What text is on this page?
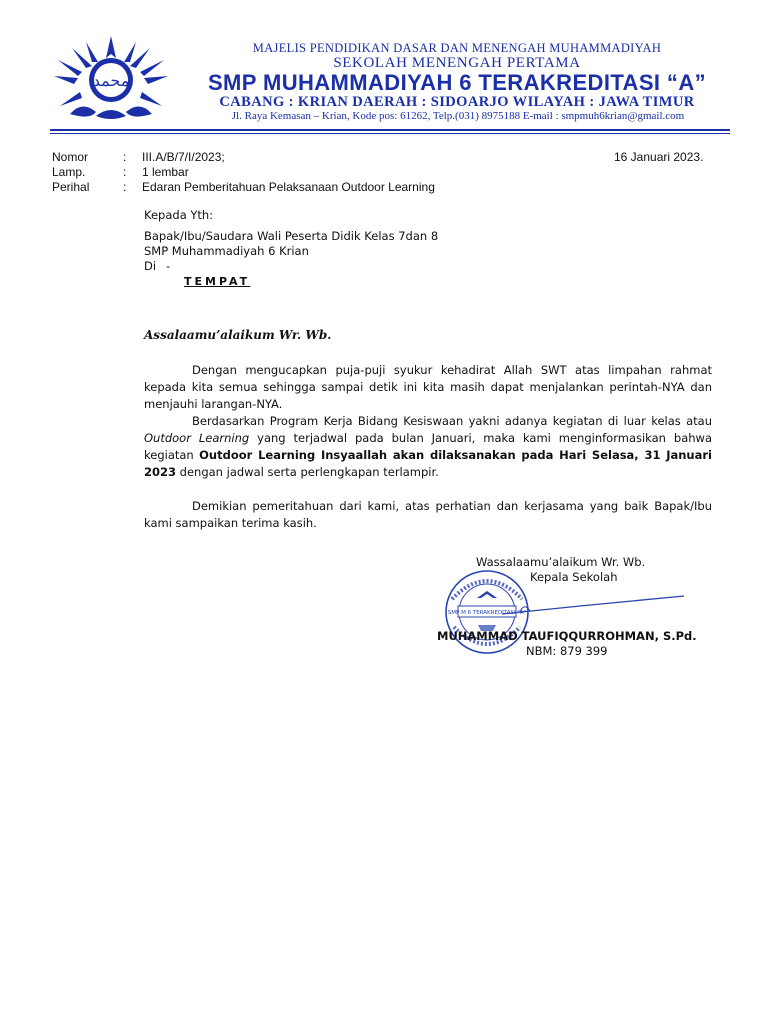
محمد
MAJELIS PENDIDIKAN DASAR DAN MENENGAH MUHAMMADIYAH
SEKOLAH MENENGAH PERTAMA
SMP MUHAMMADIYAH 6 TERAKREDITASI “A”
CABANG : KRIAN DAERAH : SIDOARJO WILAYAH : JAWA TIMUR
Jl. Raya Kemasan – Krian, Kode pos: 61262, Telp.(031) 8975188 E-mail : smpmuh6krian@gmail.com
Nomor	: III.A/B/7/I/2023;	16 Januari 2023.
Lamp.	: 1 lembar
Perihal	: Edaran Pemberitahuan Pelaksanaan Outdoor Learning
Kepada Yth:
Bapak/Ibu/Saudara Wali Peserta Didik Kelas 7dan 8
SMP Muhammadiyah 6 Krian
Di -
TEMPAT
Assalaamu’alaikum Wr. Wb.
Dengan mengucapkan puja-puji syukur kehadirat Allah SWT atas limpahan rahmat kepada kita semua sehingga sampai detik ini kita masih dapat menjalankan perintah-NYA dan menjauhi larangan-NYA.
Berdasarkan Program Kerja Bidang Kesiswaan yakni adanya kegiatan di luar kelas atau Outdoor Learning yang terjadwal pada bulan Januari, maka kami menginformasikan bahwa kegiatan Outdoor Learning Insyaallah akan dilaksanakan pada Hari Selasa, 31 Januari 2023 dengan jadwal serta perlengkapan terlampir.
Demikian pemeritahuan dari kami, atas perhatian dan kerjasama yang baik Bapak/Ibu kami sampaikan terima kasih.
Wassalaamu’alaikum Wr. Wb.
Kepala Sekolah
SMP M 6 TERAKREDITASI "A"
MUHAMMAD TAUFIQQURROHMAN, S.Pd.
NBM: 879 399
